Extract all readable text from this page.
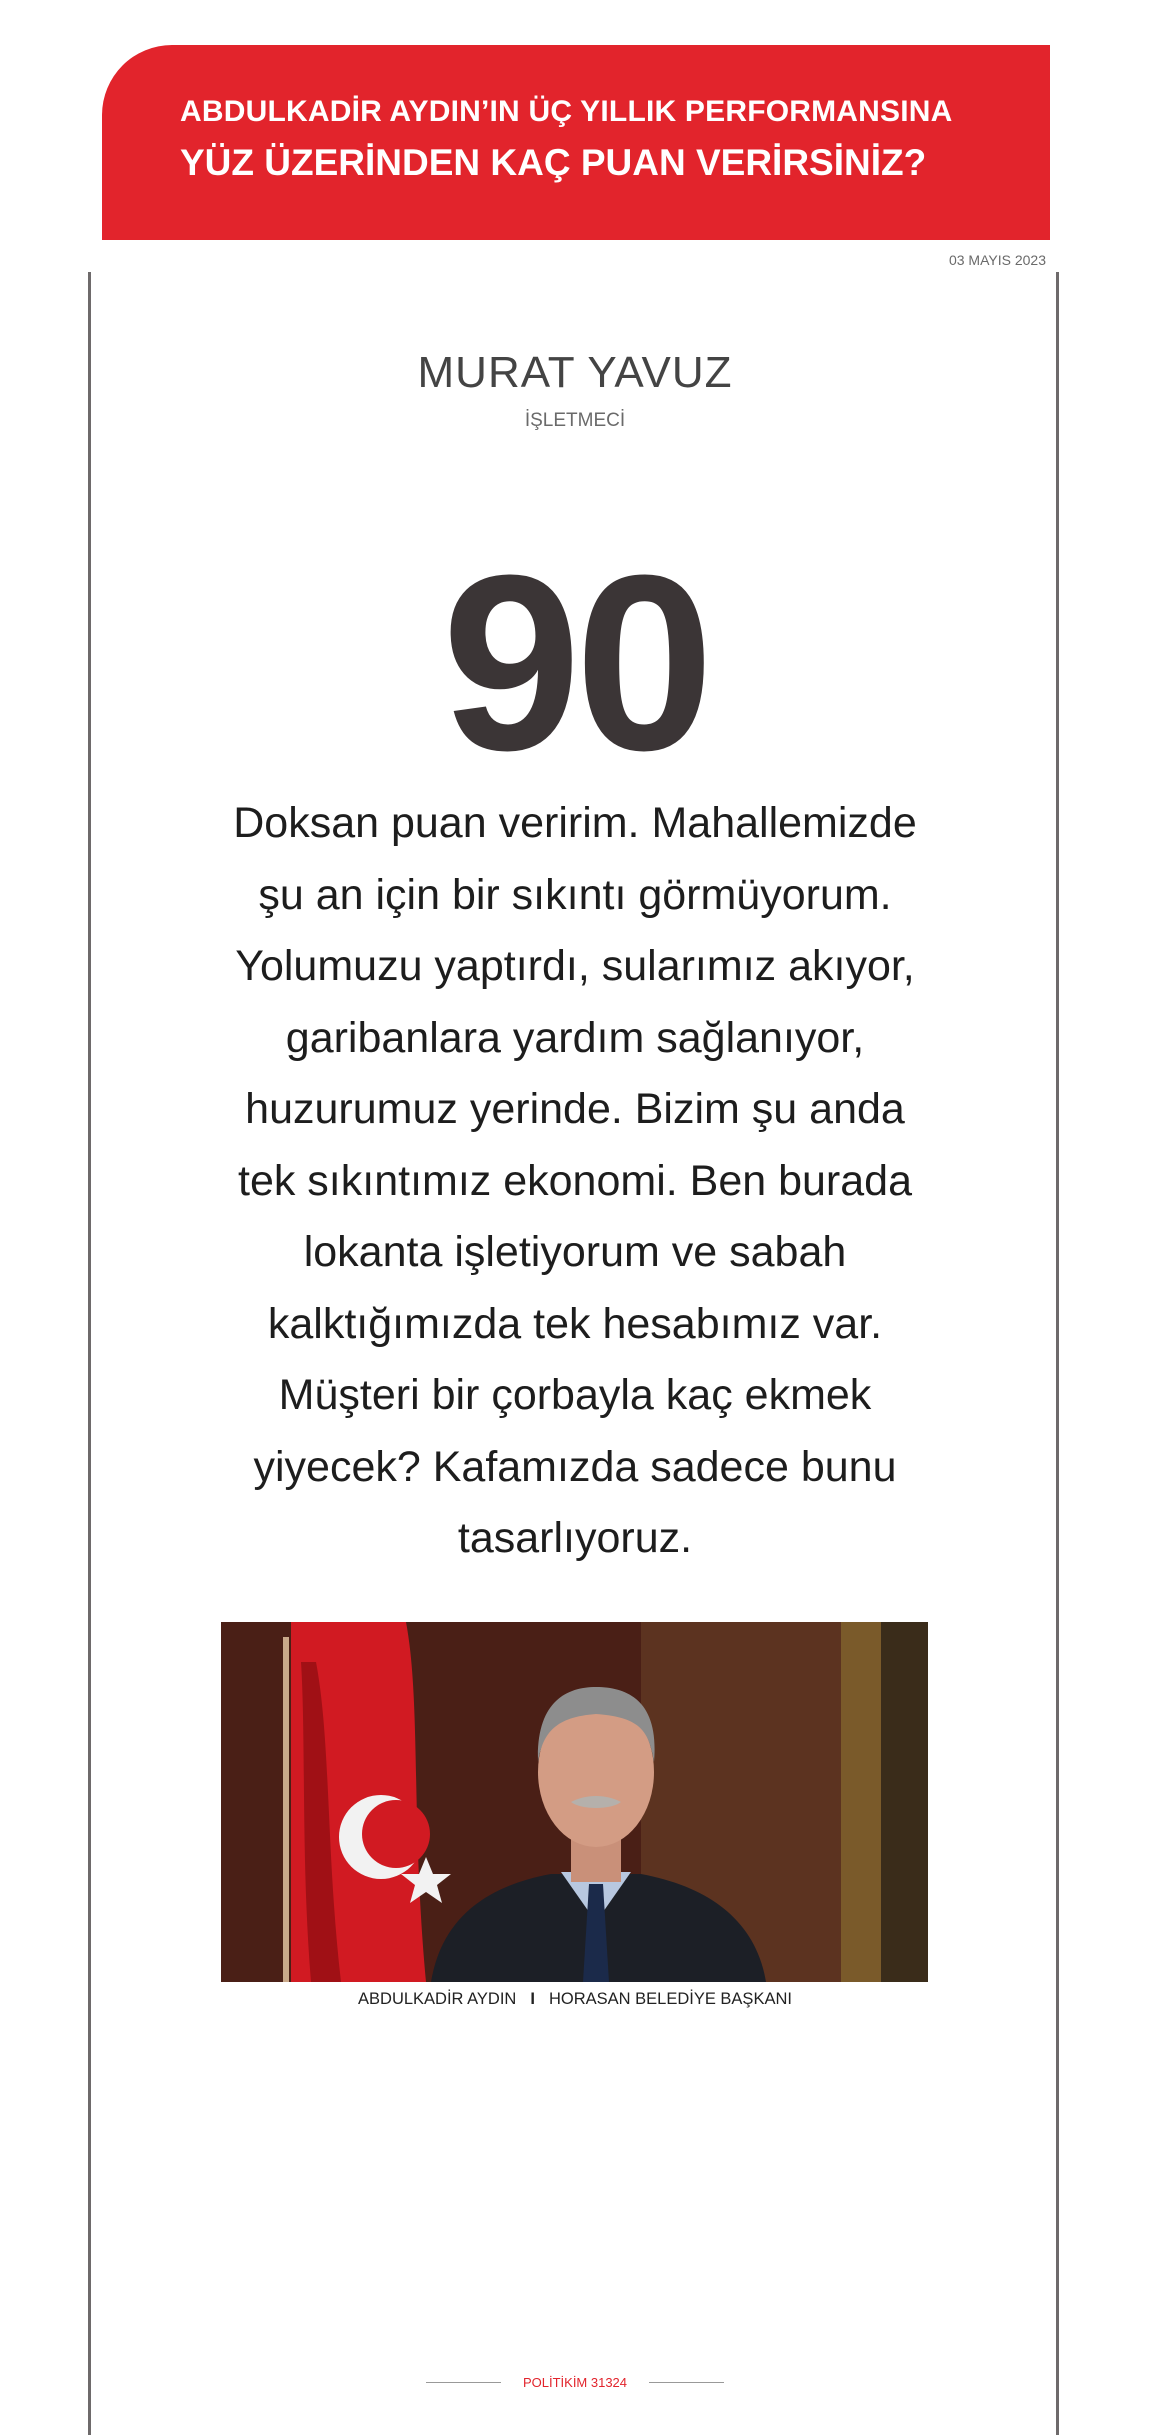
ABDULKADİR AYDIN’IN ÜÇ YILLIK PERFORMANSINA
YÜZ ÜZERİNDEN KAÇ PUAN VERİRSİNİZ?
03 MAYIS 2023
MURAT YAVUZ
İŞLETMECİ
90
Doksan puan veririm. Mahallemizde şu an için bir sıkıntı görmüyorum. Yolumuzu yaptırdı, sularımız akıyor, garibanlara yardım sağlanıyor, huzurumuz yerinde. Bizim şu anda tek sıkıntımız ekonomi. Ben burada lokanta işletiyorum ve sabah kalktığımızda tek hesabımız var. Müşteri bir çorbayla kaç ekmek yiyecek? Kafamızda sadece bunu tasarlıyoruz.
ABDULKADİR AYDIN I HORASAN BELEDİYE BAŞKANI
POLİTİKİM 31324
